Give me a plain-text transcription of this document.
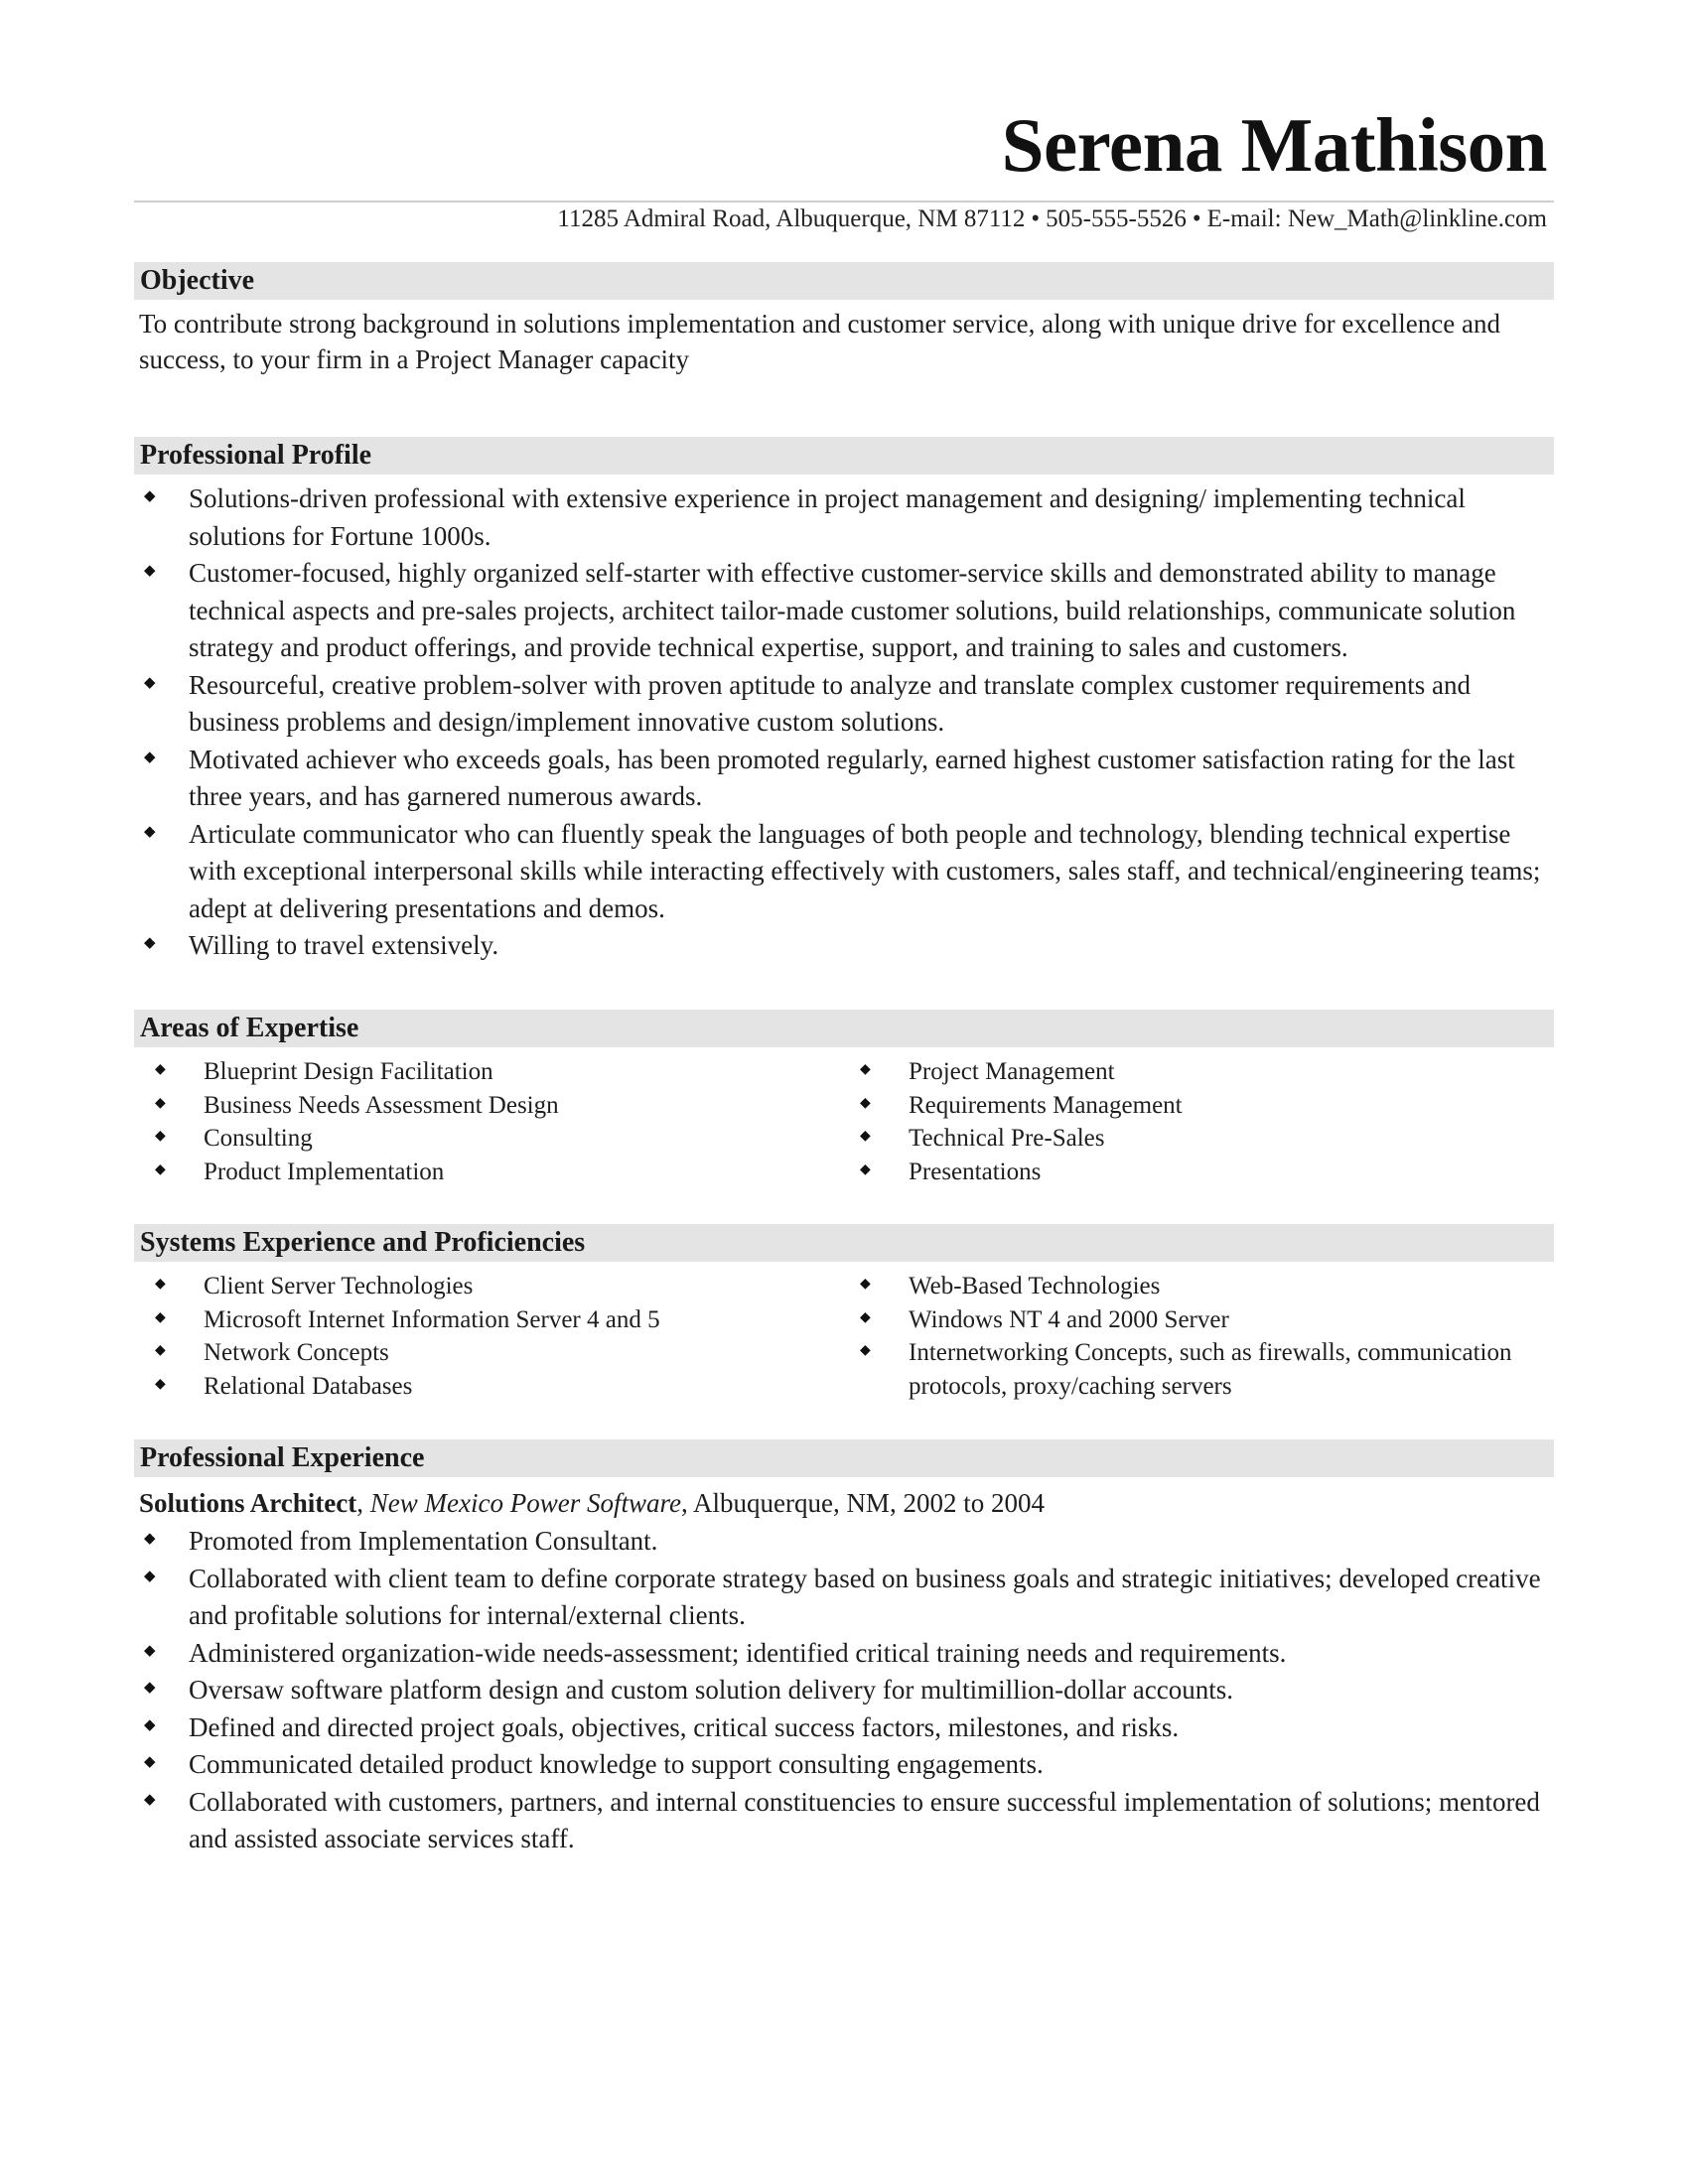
Serena Mathison
11285 Admiral Road, Albuquerque, NM 87112 • 505-555-5526 • E-mail: New_Math@linkline.com
Objective
To contribute strong background in solutions implementation and customer service, along with unique drive for excellence and success, to your firm in a Project Manager capacity
Professional Profile
◆ Solutions-driven professional with extensive experience in project management and designing/ implementing technical solutions for Fortune 1000s.
◆ Customer-focused, highly organized self-starter with effective customer-service skills and demonstrated ability to manage technical aspects and pre-sales projects, architect tailor-made customer solutions, build relationships, communicate solution strategy and product offerings, and provide technical expertise, support, and training to sales and customers.
◆ Resourceful, creative problem-solver with proven aptitude to analyze and translate complex customer requirements and business problems and design/implement innovative custom solutions.
◆ Motivated achiever who exceeds goals, has been promoted regularly, earned highest customer satisfaction rating for the last three years, and has garnered numerous awards.
◆ Articulate communicator who can fluently speak the languages of both people and technology, blending technical expertise with exceptional interpersonal skills while interacting effectively with customers, sales staff, and technical/engineering teams; adept at delivering presentations and demos.
◆ Willing to travel extensively.
Areas of Expertise
◆ Blueprint Design Facilitation
◆ Business Needs Assessment Design
◆ Consulting
◆ Product Implementation
◆ Project Management
◆ Requirements Management
◆ Technical Pre-Sales
◆ Presentations
Systems Experience and Proficiencies
◆ Client Server Technologies
◆ Microsoft Internet Information Server 4 and 5
◆ Network Concepts
◆ Relational Databases
◆ Web-Based Technologies
◆ Windows NT 4 and 2000 Server
◆ Internetworking Concepts, such as firewalls, communication protocols, proxy/caching servers
Professional Experience
Solutions Architect, New Mexico Power Software, Albuquerque, NM, 2002 to 2004
◆ Promoted from Implementation Consultant.
◆ Collaborated with client team to define corporate strategy based on business goals and strategic initiatives; developed creative and profitable solutions for internal/external clients.
◆ Administered organization-wide needs-assessment; identified critical training needs and requirements.
◆ Oversaw software platform design and custom solution delivery for multimillion-dollar accounts.
◆ Defined and directed project goals, objectives, critical success factors, milestones, and risks.
◆ Communicated detailed product knowledge to support consulting engagements.
◆ Collaborated with customers, partners, and internal constituencies to ensure successful implementation of solutions; mentored and assisted associate services staff.
